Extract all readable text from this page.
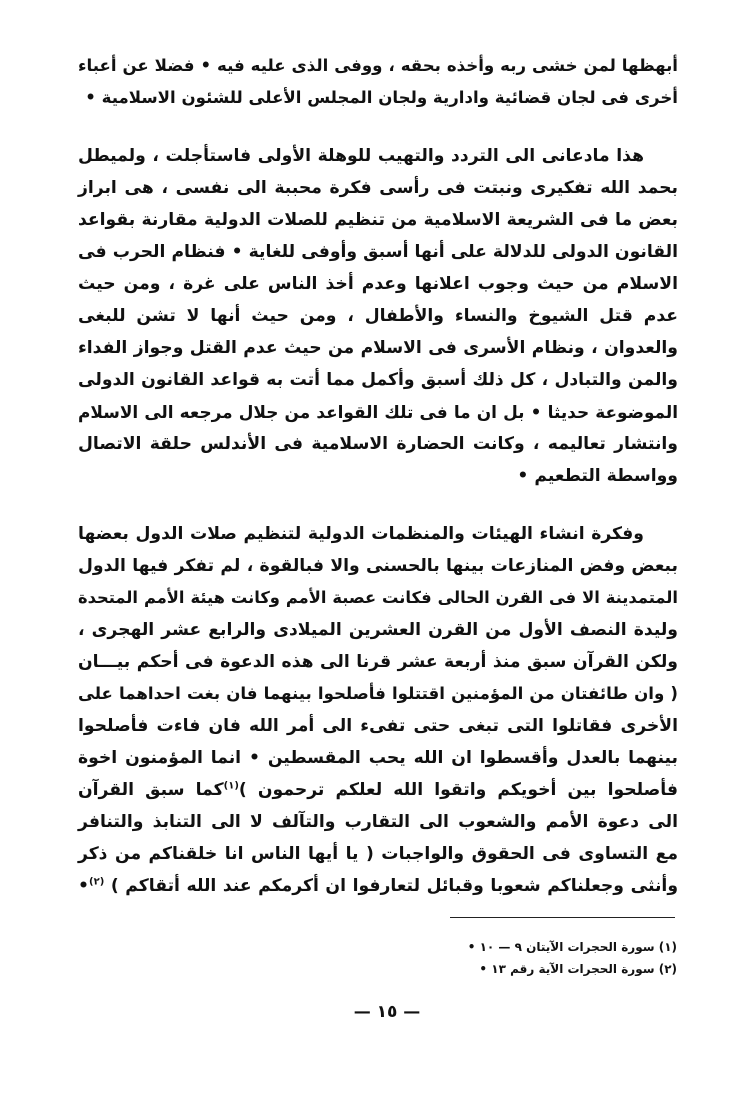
أبهظها لمن خشى ربه وأخذه بحقه ، ووفى الذى عليه فيه • فضلا عن أعباء
أخرى فى لجان قضائية وادارية ولجان المجلس الأعلى للشئون الاسلامية •
هذا مادعانى الى التردد والتهيب للوهلة الأولى فاستأجلت ، ولميطل
بحمد الله تفكيرى ونبتت فى رأسى فكرة محببة الى نفسى ، هى ابراز
بعض ما فى الشريعة الاسلامية من تنظيم للصلات الدولية مقارنة بقواعد
القانون الدولى للدلالة على أنها أسبق وأوفى للغاية • فنظام الحرب فى
الاسلام من حيث وجوب اعلانها وعدم أخذ الناس على غرة ، ومن حيث
عدم قتل الشيوخ والنساء والأطفال ، ومن حيث أنها لا تشن للبغى
والعدوان ، ونظام الأسرى فى الاسلام من حيث عدم القتل وجواز الفداء
والمن والتبادل ، كل ذلك أسبق وأكمل مما أتت به قواعد القانون الدولى
الموضوعة حديثا • بل ان ما فى تلك القواعد من جلال مرجعه الى الاسلام
وانتشار تعاليمه ، وكانت الحضارة الاسلامية فى الأندلس حلقة الاتصال
وواسطة التطعيم •
وفكرة انشاء الهيئات والمنظمات الدولية لتنظيم صلات الدول بعضها
ببعض وفض المنازعات بينها بالحسنى والا فبالقوة ، لم تفكر فيها الدول
المتمدينة الا فى القرن الحالى فكانت عصبة الأمم وكانت هيئة الأمم المتحدة
وليدة النصف الأول من القرن العشرين الميلادى والرابع عشر الهجرى ،
ولكن القرآن سبق منذ أربعة عشر قرنا الى هذه الدعوة فى أحكم بيـــان
( وان طائفتان من المؤمنين اقتتلوا فأصلحوا بينهما فان بغت احداهما على
الأخرى فقاتلوا التى تبغى حتى تفىء الى أمر الله فان فاءت فأصلحوا
بينهما بالعدل وأقسطوا ان الله يحب المقسطين • انما المؤمنون اخوة
فأصلحوا بين أخويكم واتقوا الله لعلكم ترحمون )$^{(١)}$كما سبق القرآن
الى دعوة الأمم والشعوب الى التقارب والتآلف لا الى التنابذ والتنافر
مع التساوى فى الحقوق والواجبات ( يا أيها الناس انا خلقناكم من ذكر
وأنثى وجعلناكم شعوبا وقبائل لتعارفوا ان أكرمكم عند الله أتقاكم ) $^{(٢)}$•
(١) سورة الحجرات الآيتان ٩ — ١٠ •
(٢) سورة الحجرات الآية رقم ١٣ •
— ١٥ —
